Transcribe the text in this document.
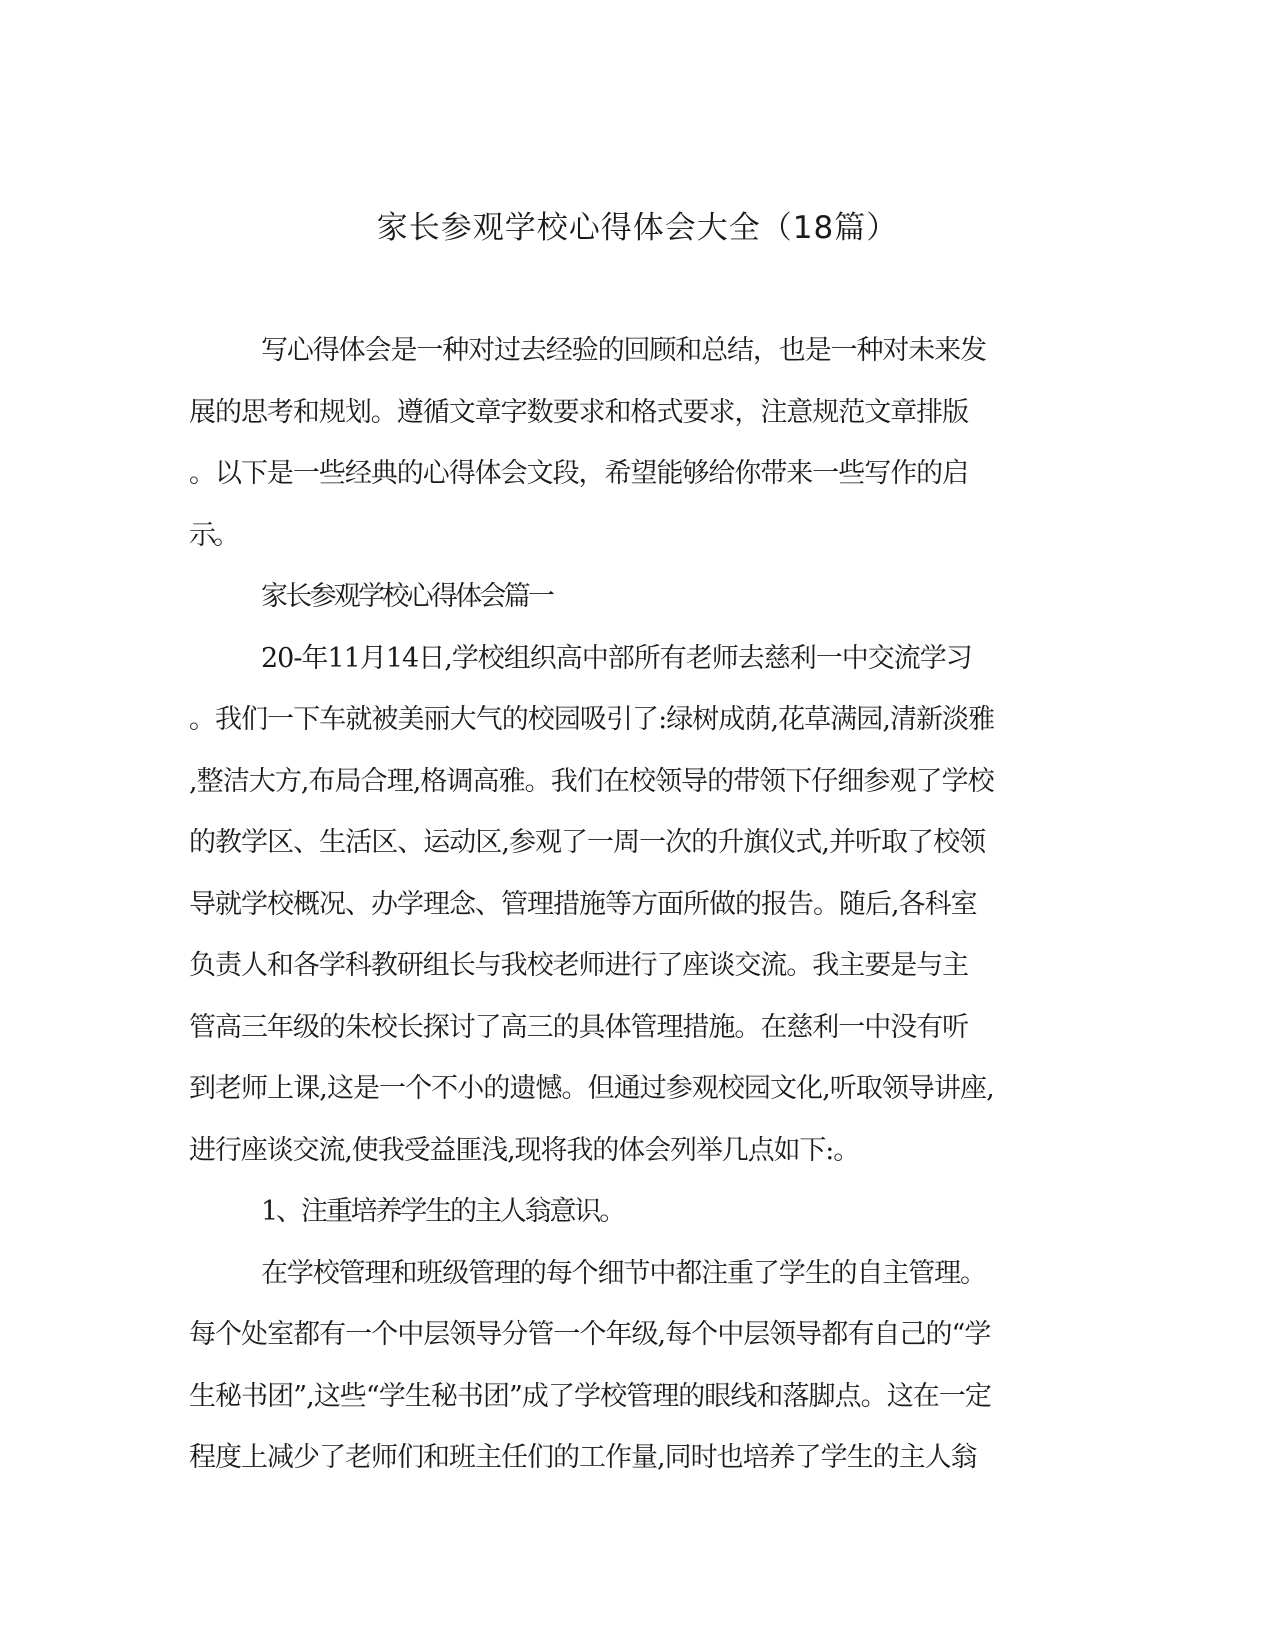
家长参观学校心得体会大全（18篇）
写心得体会是一种对过去经验的回顾和总结，也是一种对未来发
展的思考和规划。遵循文章字数要求和格式要求，注意规范文章排版
。以下是一些经典的心得体会文段，希望能够给你带来一些写作的启
示。
家长参观学校心得体会篇一
20-年11月14日,学校组织高中部所有老师去慈利一中交流学习
。我们一下车就被美丽大气的校园吸引了:绿树成荫,花草满园,清新淡雅
,整洁大方,布局合理,格调高雅。我们在校领导的带领下仔细参观了学校
的教学区、生活区、运动区,参观了一周一次的升旗仪式,并听取了校领
导就学校概况、办学理念、管理措施等方面所做的报告。随后,各科室
负责人和各学科教研组长与我校老师进行了座谈交流。我主要是与主
管高三年级的朱校长探讨了高三的具体管理措施。在慈利一中没有听
到老师上课,这是一个不小的遗憾。但通过参观校园文化,听取领导讲座,
进行座谈交流,使我受益匪浅,现将我的体会列举几点如下:。
1、注重培养学生的主人翁意识。
在学校管理和班级管理的每个细节中都注重了学生的自主管理。
每个处室都有一个中层领导分管一个年级,每个中层领导都有自己的“学
生秘书团”,这些“学生秘书团”成了学校管理的眼线和落脚点。这在一定
程度上减少了老师们和班主任们的工作量,同时也培养了学生的主人翁
